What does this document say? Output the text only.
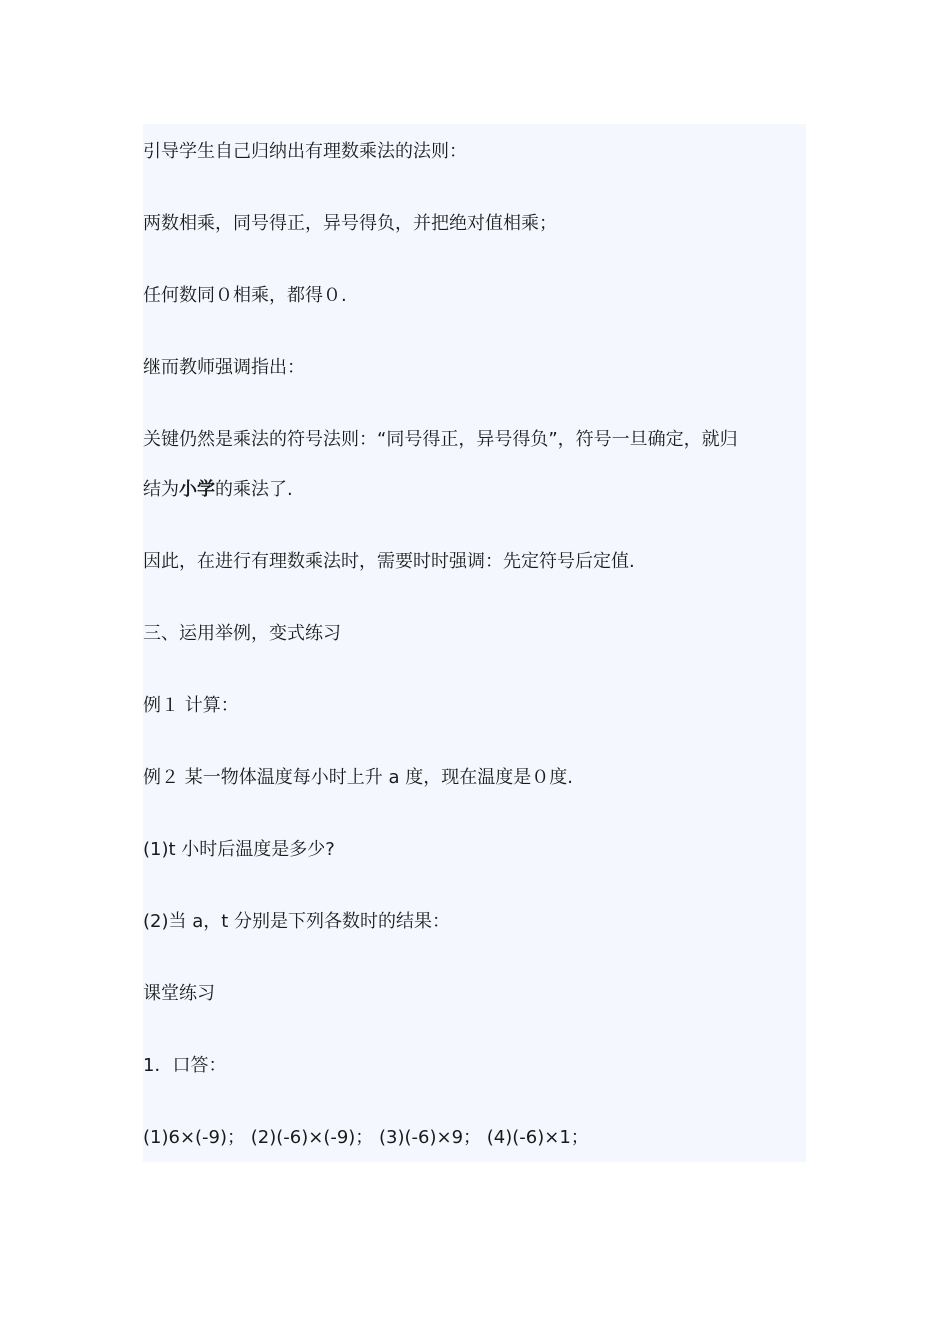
引导学生自己归纳出有理数乘法的法则：
两数相乘，同号得正，异号得负，并把绝对值相乘；
任何数同０相乘，都得０.
继而教师强调指出：
关键仍然是乘法的符号法则：“同号得正，异号得负”，符号一旦确定，就归
结为小学的乘法了.
因此，在进行有理数乘法时，需要时时强调：先定符号后定值.
三、运用举例，变式练习
例１ 计算：
例２ 某一物体温度每小时上升 a 度，现在温度是０度.
(1)t 小时后温度是多少?
(2)当 a，t 分别是下列各数时的结果：
课堂练习
1．口答：
(1)6×(-9)； (2)(-6)×(-9)； (3)(-6)×9； (4)(-6)×1；
